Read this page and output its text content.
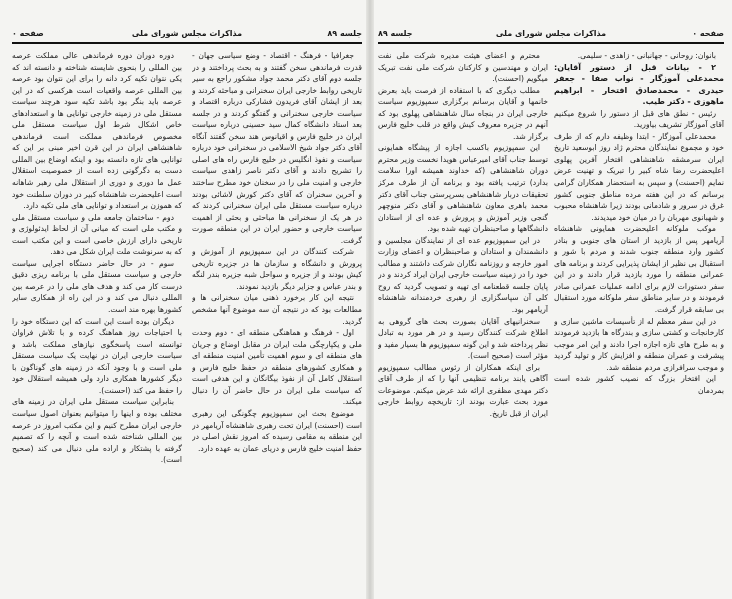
جلسه ۸۹
مذاکرات مجلس شورای ملی
صفحه ۰

جغرافیا - فرهنگ - اقتصاد - وضع سیاسی جهان - قدرت فرماندهی سخن گفتند و به بحث پرداختند و در جلسه دوم آقای دکتر محمد جواد مشکور راجع به سیر تاریخی روابط خارجی ایران سخنرانی و مباحثه کردند و بعد از ایشان آقای فریدون فشارکی درباره اقتصاد و سیاست خارجی سخنرانی و گفتگو کردند و در جلسه بعد استاد دانشگاه کمال سید حسینی درباره سیاست ایران در خلیج فارس و اقیانوس هند سخن گفتند آنگاه آقای دکتر جواد شیخ الاسلامی در سخنرانی خود درباره سیاست و نفوذ انگلیس در خلیج فارس راه های اصلی را تشریح دادند و آقای دکتر ناصر زاهدی سیاست خارجی و امنیت ملی را در سخنان خود مطرح ساختند و آخرین سخنران که آقای دکتر کورش لاشائی بودند درباره سیاست مستقل ملی ایران سخنرانی کردند که در هر یک از سخنرانی ها مباحثی و بحثی از اهمیت سیاست خارجی و حضور ایران در این منطقه صورت گرفت.

شرکت کنندگان در این سمپوزیوم از آموزش و پرورش و دانشگاه و سازمان ها در جزیره تاریخی کیش بودند و از جزیره و سواحل شبه جزیره بندر لنگه و بندر عباس و جزایر دیگر بازدید نمودند.

نتیجه این کار برخورد ذهنی میان سخنرانی ها و مطالعات بود که در نتیجه آن سه موضوع آنها مشخص گردید.

اول - فرهنگ و هماهنگی منطقه ای - دوم وحدت ملی و یکپارچگی ملت ایران در مقابل اوضاع و جریان های منطقه ای و سوم اهمیت تأمین امنیت منطقه ای و همکاری کشورهای منطقه در حفظ خلیج فارس و استقلال کامل آن از نفوذ بیگانگان و این هدفی است که سیاست ملی ایران در حال حاضر آن را دنبال میکند.

موضوع بحث این سمپوزیوم چگونگی این رهبری است (احسنت) ایران تحت رهبری شاهنشاه آریامهر در این منطقه به مقامی رسیده که امروز نقش اصلی در حفظ امنیت خلیج فارس و دریای عمان به عهده دارد.

دوره دوران دوره فرماندهی عالی مملکت عرصه بین المللی را بنحوی شایسته شناخته و دانسته اند که یکی نتوان تکیه کرد دانه را برای این نتوان بود عرصه بین المللی عرصه واقعیات است هرکسی که در این عرصه باید بنگر بود باشد تکیه سود هرچند سیاست مستقل ملی در زمینه خارجی توانایی ها و استعدادهای خاص اشکال شرط اول سیاست مستقل ملی مخصوص فرماندهی مملکت است فرماندهی شاهنشاهی ایران در این قرن اخیر مبنی بر این که توانایی های تازه دانسته بود و اینکه اوضاع بین المللی دست به دگرگونی زده است از خصوصیت استقلال عمل ما دوری و دوری از استقلال ملی رهبر شاهانه است اعلیحضرت شاهنشاه کبیر در دوران سلطنت خود که هموزن بر استعداد و توانایی های ملی تکیه دارد.

دوم - ساختمان جامعه ملی و سیاست مستقل ملی و مکتب ملی است که مبانی آن از لحاظ ایدئولوژی و تاریخی دارای ارزش خاصی است و این مکتب است که به سرنوشت ملت ایران شکل می دهد.

سوم - در حال حاضر دستگاه اجرایی سیاست خارجی و سیاست مستقل ملی با برنامه ریزی دقیق درست کار می کند و هدف های ملی را در عرصه بین المللی دنبال می کند و در این راه از همکاری سایر کشورها بهره مند است.

دیگران بوده است این است که این دستگاه خود را با احتیاجات روز هماهنگ کرده و با تلاش فراوان توانسته است پاسخگوی نیازهای مملکت باشد و سیاست خارجی ایران در نهایت یک سیاست مستقل ملی است و با وجود آنکه در زمینه های گوناگون با دیگر کشورها همکاری دارد ولی همیشه استقلال خود را حفظ می کند (احسنت).

بنابراین سیاست مستقل ملی ایران در زمینه های مختلف بوده و اینها را میتوانیم بعنوان اصول سیاست خارجی ایران مطرح کنیم و این مکتب امروز در عرصه بین المللی شناخته شده است و آنچه را که تصمیم گرفته با پشتکار و اراده ملی دنبال می کند (صحیح است).

صفحه ۰
مذاکرات مجلس شورای ملی
جلسه ۸۹

بانوان: روحانی - جهانبانی - زاهدی - سلیمی.

۲ - بیانات قبل از دستور آقایان: محمدعلی آموزگار - نواب صفا - جعفر حیدری - محمدصادق افتخار - ابراهیم ماهوزی - دکتر طیب.

رئیس - نطق های قبل از دستور را شروع میکنیم آقای آموزگار تشریف بیاورید.

محمدعلی آموزگار - ابتدا وظیفه دارم که از طرف خود و مجموع نمایندگان محترم ژاد روز ابوسعید تاریخ ایران سرمشقه شاهنشاهی افتخار آفرین پهلوی اعلیحضرت رضا شاه کبیر را تبریک و تهنیت عرض نمایم (احسنت) و سپس به استحضار همکاران گرامی برسانم که در این هفته مرده مناطق جنوبی کشور غرق در سرور و شادمانی بودند زیرا شاهنشاه محبوب و شهبانوی مهربان را در میان خود میدیدند.

موکب ملوکانه اعلیحضرت همایونی شاهنشاه آریامهر پس از بازدید از استان های جنوبی و بنادر کشور وارد منطقه جنوب شدند و مردم با شور و استقبال بی نظیر از ایشان پذیرایی کردند و برنامه های عمرانی منطقه را مورد بازدید قرار دادند و در این سفر دستورات لازم برای ادامه عملیات عمرانی صادر فرمودند و در سایر مناطق سفر ملوکانه مورد استقبال بی سابقه قرار گرفت.

در این سفر معظم له از تأسیسات ماشین سازی و کارخانجات و کشتی سازی و بندرگاه ها بازدید فرمودند و به طرح های تازه اجازه اجرا دادند و این امر موجب پیشرفت و عمران منطقه و افزایش کار و تولید گردید و موجب سرافرازی مردم منطقه شد.

این افتخار بزرگ که نصیب کشور شده است بمردمان

محترم و اعضای هیئت مدیره شرکت ملی نفت ایران و مهندسین و کارکنان شرکت ملی نفت تبریک میگویم (احسنت).

مطلب دیگری که با استفاده از فرصت باید بعرض خانمها و آقایان برسانم برگزاری سمپوزیوم سیاست خارجی ایران در بنجاه سال شاهنشاهی پهلوی بود که آنهم در جزیره معروف کیش واقع در قلب خلیج فارس برگزار شد.

این سمپوزیوم باکسب اجازه از پیشگاه همایونی توسط جناب آقای امیرعباس هویدا نخست وزیر محترم دوران شاهنشاهی (که خداوند همیشه اورا سلامت بدارد) ترتیب یافته بود و برنامه آن از طرف مرکز تحقیقات دربار شاهنشاهی بسرپرستی جناب آقای دکتر محمد باهری معاون شاهنشاهی و آقای دکتر منوچهر گنجی وزیر آموزش و پرورش و عده ای از استادان دانشگاهها و صاحبنظران تهیه شده بود.

در این سمپوزیوم عده ای از نمایندگان مجلسین و دانشمندان و استادان و صاحبنظران و اعضای وزارت امور خارجه و روزنامه نگاران شرکت داشتند و مطالب خود را در زمینه سیاست خارجی ایران ایراد کردند و در پایان جلسه قطعنامه ای تهیه و تصویب گردید که روح کلی آن سپاسگزاری از رهبری خردمندانه شاهنشاه آریامهر بود.

سخنرانیهای آقایان بصورت بحث های گروهی به اطلاع شرکت کنندگان رسید و در هر مورد به تبادل نظر پرداخته شد و این گونه سمپوزیوم ها بسیار مفید و مؤثر است (صحیح است).

برای اینکه همکاران از رئوس مطالب سمپوزیوم آگاهی یابند برنامه تنظیمی آنها را که از طرف آقای دکتر مهدی مظفری ارائه شد عرض میکنم. موضوعات مورد بحث عبارت بودند از: تاریخچه روابط خارجی ایران از قبل تاریخ.
